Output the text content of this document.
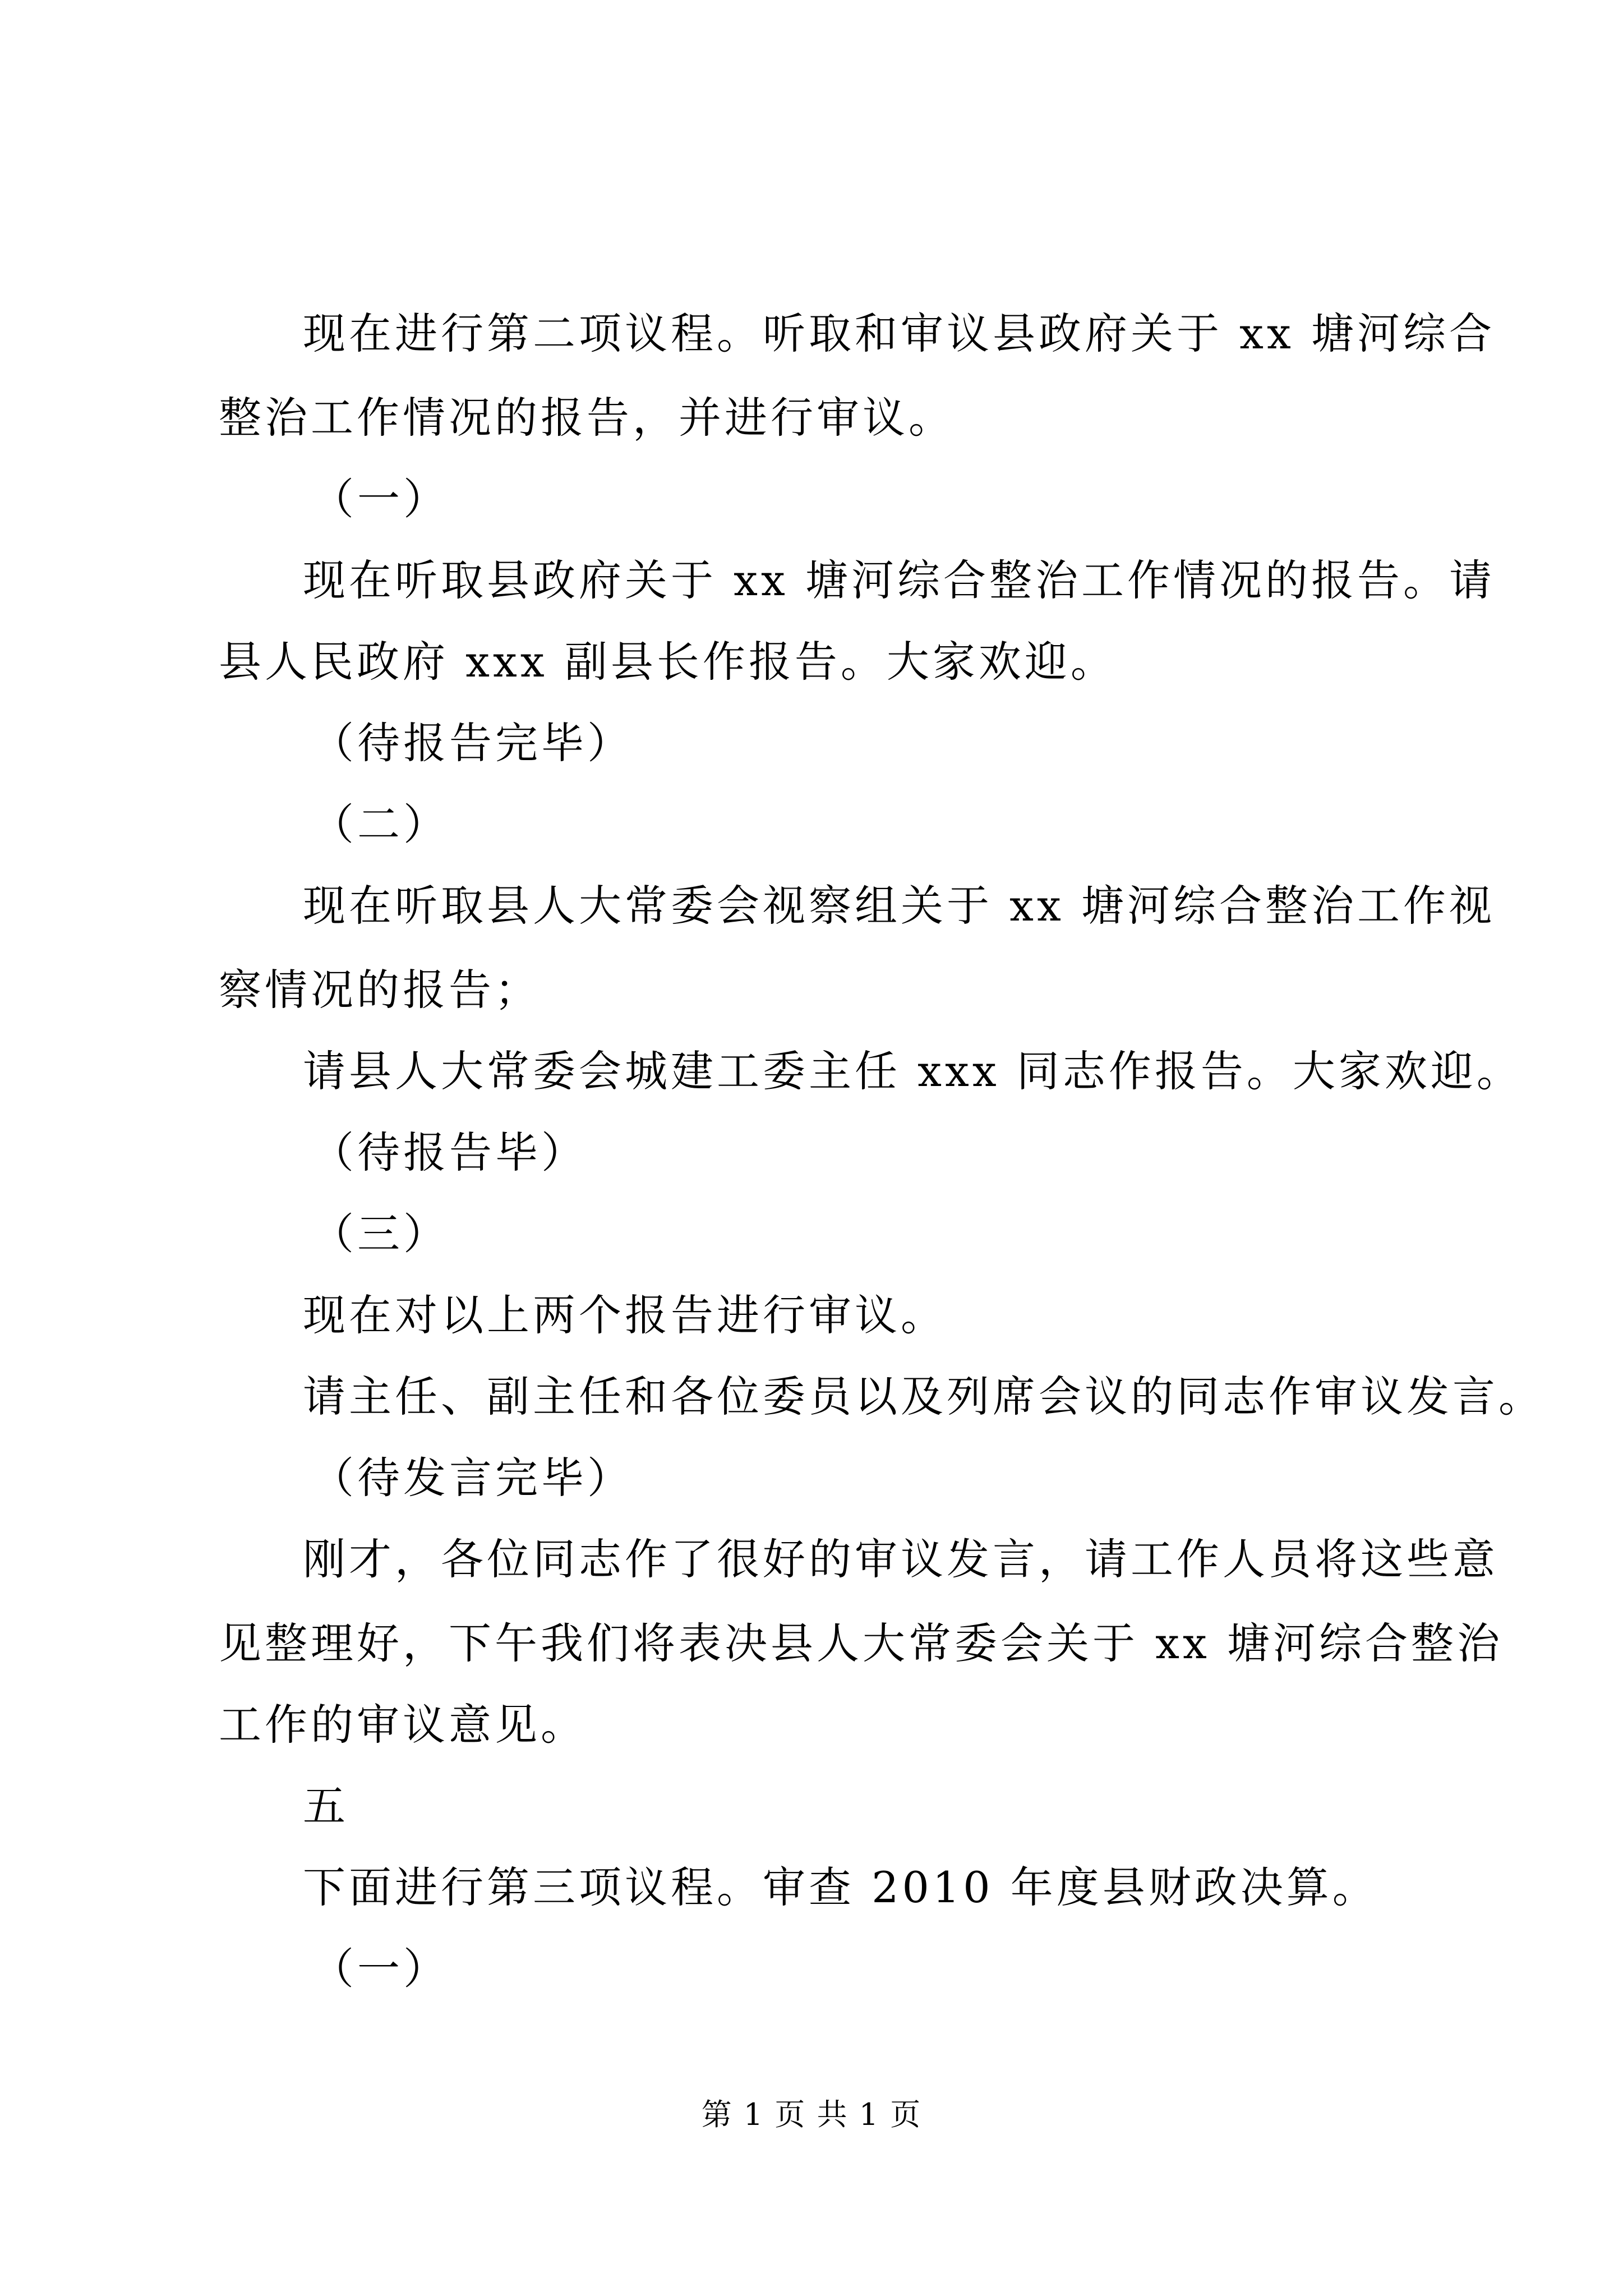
现在进行第二项议程。听取和审议县政府关于 xx 塘河综合
整治工作情况的报告，并进行审议。
（一）
现在听取县政府关于 xx 塘河综合整治工作情况的报告。请
县人民政府 xxx 副县长作报告。大家欢迎。
（待报告完毕）
（二）
现在听取县人大常委会视察组关于 xx 塘河综合整治工作视
察情况的报告；
请县人大常委会城建工委主任 xxx 同志作报告。大家欢迎。
（待报告毕）
（三）
现在对以上两个报告进行审议。
请主任、副主任和各位委员以及列席会议的同志作审议发言。
（待发言完毕）
刚才，各位同志作了很好的审议发言，请工作人员将这些意
见整理好，下午我们将表决县人大常委会关于 xx 塘河综合整治
工作的审议意见。
五
下面进行第三项议程。审查 2010 年度县财政决算。
（一）
第 1 页 共 1 页
